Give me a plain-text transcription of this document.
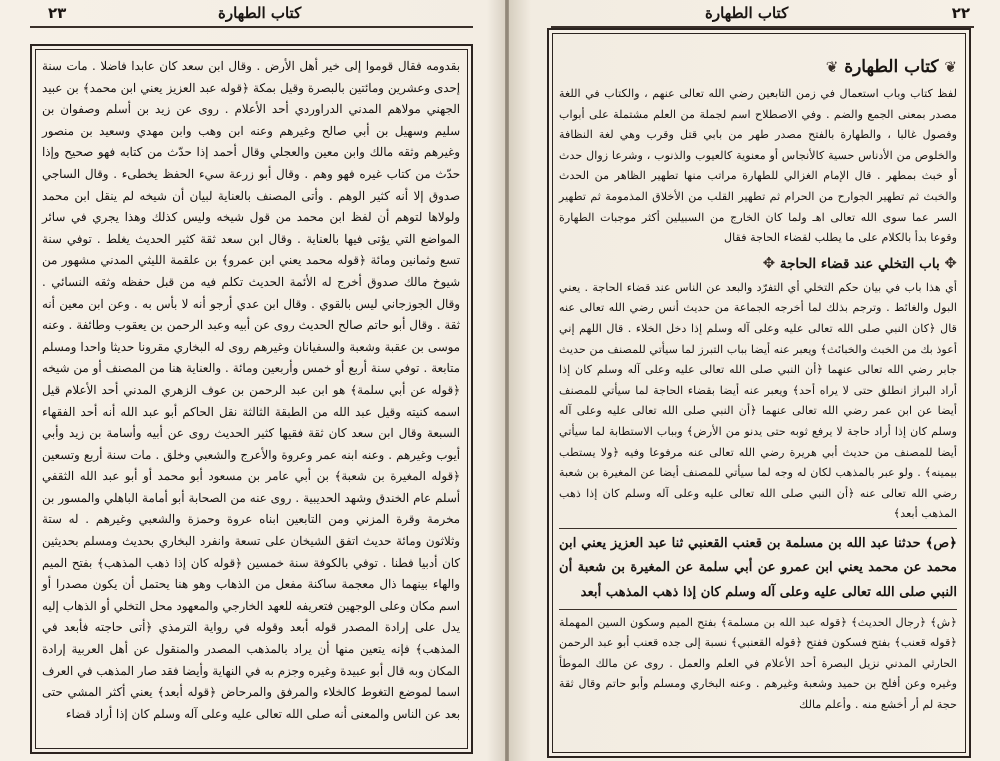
كتاب الطهارة
٢٣

بقدومه فقال قوموا إلى خير أهل الأرض . وقال ابن سعد كان عابدا فاضلا . مات سنة إحدى وعشرين ومائتين بالبصرة وقيل بمكة ﴿قوله عبد العزيز يعني ابن محمد﴾ بن عبيد الجهني مولاهم المدني الدراوردي أحد الأعلام . روى عن زيد بن أسلم وصفوان بن سليم وسهيل بن أبي صالح وغيرهم وعنه ابن وهب وابن مهدي وسعيد بن منصور وغيرهم وثقه مالك وابن معين والعجلي وقال أحمد إذا حدّث من كتابه فهو صحيح وإذا حدّث من كتاب غيره فهو وهم . وقال أبو زرعة سيء الحفظ يخطىء . وقال الساجي صدوق إلا أنه كثير الوهم . وأتى المصنف بالعناية لبيان أن شيخه لم ينقل ابن محمد ولولاها لتوهم أن لفظ ابن محمد من قول شيخه وليس كذلك وهذا يجري في سائر المواضع التي يؤتى فيها بالعناية . وقال ابن سعد ثقة كثير الحديث يغلط . توفي سنة تسع وثمانين ومائة ﴿قوله محمد يعني ابن عمرو﴾ بن علقمة الليثي المدني مشهور من شيوخ مالك صدوق أخرج له الأئمة الحديث تكلم فيه من قبل حفظه وثقه النسائي . وقال الجوزجاني ليس بالقوي . وقال ابن عدي أرجو أنه لا بأس به . وعن ابن معين أنه ثقة . وقال أبو حاتم صالح الحديث روى عن أبيه وعبد الرحمن بن يعقوب وطائفة . وعنه موسى بن عقبة وشعبة والسفيانان وغيرهم روى له البخاري مقرونا حديثا واحدا ومسلم متابعة . توفي سنة أربع أو خمس وأربعين ومائة . والعناية هنا من المصنف أو من شيخه ﴿قوله عن أبي سلمة﴾ هو ابن عبد الرحمن بن عوف الزهري المدني أحد الأعلام قيل اسمه كنيته وقيل عبد الله من الطبقة الثالثة نقل الحاكم أبو عبد الله أنه أحد الفقهاء السبعة وقال ابن سعد كان ثقة فقيها كثير الحديث روى عن أبيه وأسامة بن زيد وأبي أيوب وغيرهم . وعنه ابنه عمر وعروة والأعرج والشعبي وخلق . مات سنة أربع وتسعين ﴿قوله المغيرة بن شعبة﴾ بن أبي عامر بن مسعود أبو محمد أو أبو عبد الله الثقفي أسلم عام الخندق وشهد الحديبية . روى عنه من الصحابة أبو أمامة الباهلي والمسور بن مخرمة وقرة المزني ومن التابعين ابناه عروة وحمزة والشعبي وغيرهم . له ستة وثلاثون ومائة حديث اتفق الشيخان على تسعة وانفرد البخاري بحديث ومسلم بحديثين كان أدبيا فطنا . توفي بالكوفة سنة خمسين ﴿قوله كان إذا ذهب المذهب﴾ بفتح الميم والهاء بينهما ذال معجمة ساكنة مفعل من الذهاب وهو هنا يحتمل أن يكون مصدرا أو اسم مكان وعلى الوجهين فتعريفه للعهد الخارجي والمعهود محل التخلي أو الذهاب إليه يدل على إرادة المصدر قوله أبعد وقوله في رواية الترمذي ﴿أتى حاجته فأبعد في المذهب﴾ فإنه يتعين منها أن يراد بالمذهب المصدر والمنقول عن أهل العربية إرادة المكان وبه قال أبو عبيدة وغيره وجزم به في النهاية وأيضا فقد صار المذهب في العرف اسما لموضع التغوط كالخلاء والمرفق والمرحاض ﴿قوله أبعد﴾ يعني أكثر المشي حتى بعد عن الناس والمعنى أنه صلى الله تعالى عليه وعلى آله وسلم كان إذا أراد قضاء

كتاب الطهارة	٢٢
❦ كتاب الطهارة ❦

لفظ كتاب وباب استعمال في زمن التابعين رضي الله تعالى عنهم ، والكتاب في اللغة مصدر بمعنى الجمع والضم . وفي الاصطلاح اسم لجملة من العلم مشتملة على أبواب وفصول غالبا ، والطهارة بالفتح مصدر طهر من بابي قتل وقرب وهي لغة النظافة والخلوص من الأدناس حسية كالأنجاس أو معنوية كالعيوب والذنوب ، وشرعا زوال حدث أو خبث بمطهر . قال الإمام الغزالي للطهارة مراتب منها تطهير الظاهر من الحدث والخبث ثم تطهير الجوارح من الحرام ثم تطهير القلب من الأخلاق المذمومة ثم تطهير السر عما سوى الله تعالى اهـ ولما كان الخارج من السبيلين أكثر موجبات الطهارة وقوعا بدأ بالكلام على ما يطلب لقضاء الحاجة فقال

✥ باب التخلي عند قضاء الحاجة ✥

أي هذا باب في بيان حكم التخلي أي التفرّد والبعد عن الناس عند قضاء الحاجة . يعني البول والغائط . وترجم بذلك لما أخرجه الجماعة من حديث أنس رضي الله تعالى عنه قال ﴿كان النبي صلى الله تعالى عليه وعلى آله وسلم إذا دخل الخلاء . قال اللهم إني أعوذ بك من الخبث والخبائث﴾ ويعبر عنه أيضا بباب التبرز لما سيأتي للمصنف من حديث جابر رضي الله تعالى عنهما ﴿أن النبي صلى الله تعالى عليه وعلى آله وسلم كان إذا أراد البراز انطلق حتى لا يراه أحد﴾ ويعبر عنه أيضا بقضاء الحاجة لما سيأتي للمصنف أيضا عن ابن عمر رضي الله تعالى عنهما ﴿أن النبي صلى الله تعالى عليه وعلى آله وسلم كان إذا أراد حاجة لا يرفع ثوبه حتى يدنو من الأرض﴾ وبباب الاستطابة لما سيأتي أيضا للمصنف من حديث أبي هريرة رضي الله تعالى عنه مرفوعا وفيه ﴿ولا يستطب بيمينه﴾ . ولو عبر بالمذهب لكان له وجه لما سيأتي للمصنف أيضا عن المغيرة بن شعبة رضي الله تعالى عنه ﴿أن النبي صلى الله تعالى عليه وعلى آله وسلم كان إذا ذهب المذهب أبعد﴾

﴿ص﴾ حدثنا عبد الله بن مسلمة بن قعنب القعنبي ثنا عبد العزيز يعني ابن محمد عن محمد يعني ابن عمرو عن أبي سلمة عن المغيرة بن شعبة أن النبي صلى الله تعالى عليه وعلى آله وسلم كان إذا ذهب المذهب أبعد

﴿ش﴾ ﴿رجال الحديث﴾ ﴿قوله عبد الله بن مسلمة﴾ بفتح الميم وسكون السين المهملة ﴿قوله قعنب﴾ بفتح فسكون ففتح ﴿قوله القعنبي﴾ نسبة إلى جده قعنب أبو عبد الرحمن الحارثي المدني نزيل البصرة أحد الأعلام في العلم والعمل . روى عن مالك الموطأ وغيره وعن أفلح بن حميد وشعبة وغيرهم . وعنه البخاري ومسلم وأبو حاتم وقال ثقة حجة لم أر أخشع منه . وأعلم مالك
